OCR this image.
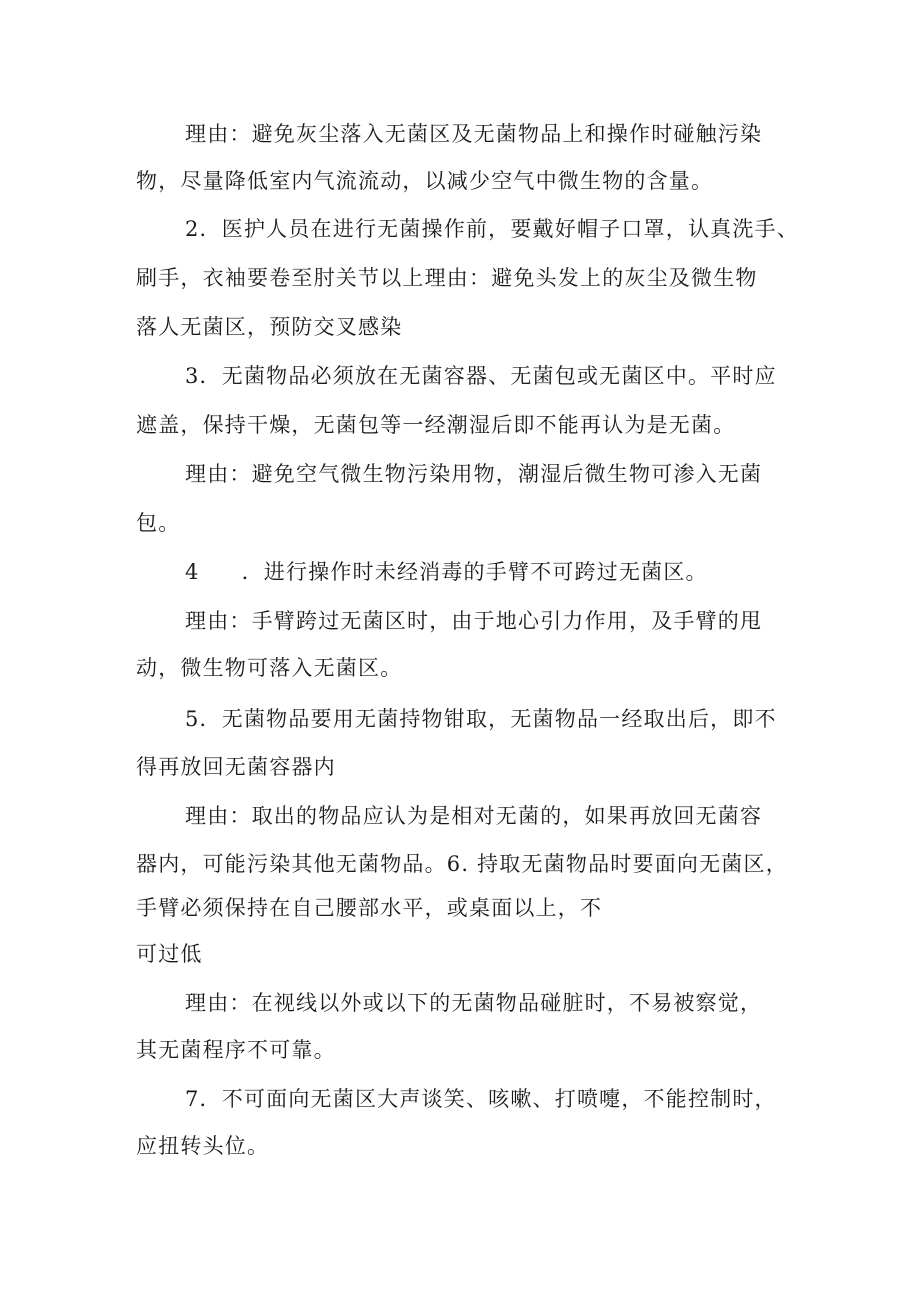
理由：避免灰尘落入无菌区及无菌物品上和操作时碰触污染
物，尽量降低室内气流流动，以减少空气中微生物的含量。
2．医护人员在进行无菌操作前，要戴好帽子口罩，认真洗手、
刷手，衣袖要卷至肘关节以上理由：避免头发上的灰尘及微生物
落人无菌区，预防交叉感染
3．无菌物品必须放在无菌容器、无菌包或无菌区中。平时应
遮盖，保持干燥，无菌包等一经潮湿后即不能再认为是无菌。
理由：避免空气微生物污染用物，潮湿后微生物可渗入无菌
包。
4 ．进行操作时未经消毒的手臂不可跨过无菌区。
理由：手臂跨过无菌区时，由于地心引力作用，及手臂的甩
动，微生物可落入无菌区。
5．无菌物品要用无菌持物钳取，无菌物品一经取出后，即不
得再放回无菌容器内
理由：取出的物品应认为是相对无菌的，如果再放回无菌容
器内，可能污染其他无菌物品。6. 持取无菌物品时要面向无菌区，
手臂必须保持在自己腰部水平，或桌面以上，不
可过低
理由：在视线以外或以下的无菌物品碰脏时，不易被察觉，
其无菌程序不可靠。
7．不可面向无菌区大声谈笑、咳嗽、打喷嚏，不能控制时，
应扭转头位。
